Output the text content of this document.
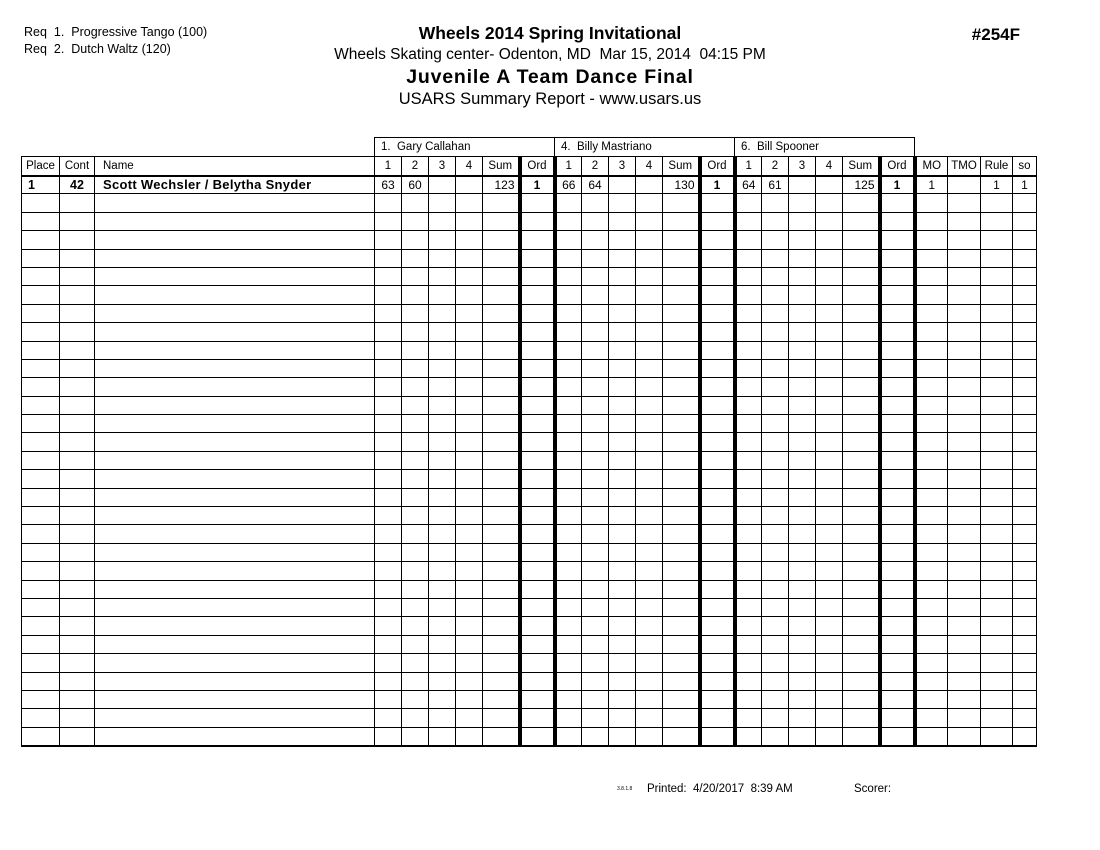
Req  1.  Progressive Tango (100)
Req  2.  Dutch Waltz (120)
Wheels 2014 Spring Invitational
Wheels Skating center- Odenton, MD  Mar 15, 2014  04:15 PM
Juvenile A Team Dance Final
USARS Summary Report - www.usars.us
#254F
			1.  Gary Callahan						4.  Billy Mastriano						6.  Bill Spooner									
Place	Cont	Name	1	2	3	4	Sum	Ord	1	2	3	4	Sum	Ord	1	2	3	4	Sum	Ord	MO	TMO	Rule	so
1	42	Scott Wechsler / Belytha Snyder	63	60			123	1	66	64			130	1	64	61			125	1	1		1	1

3.8.1.8 Printed:  4/20/2017  8:39 AM	Scorer:
